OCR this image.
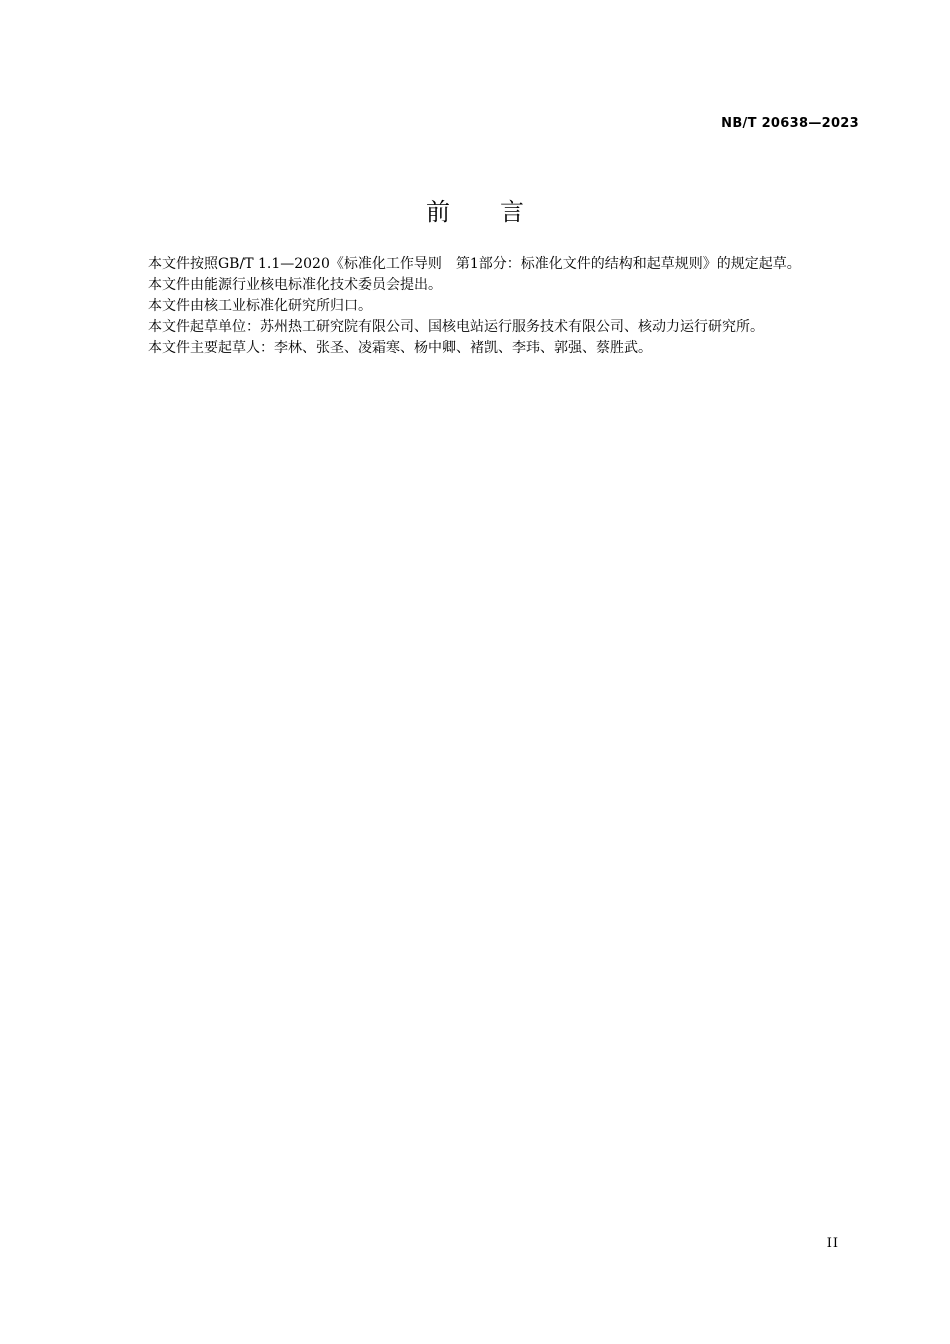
NB/T 20638—2023
前言

本文件按照GB/T 1.1—2020《标准化工作导则　第1部分：标准化文件的结构和起草规则》的规定起草。

本文件由能源行业核电标准化技术委员会提出。

本文件由核工业标准化研究所归口。

本文件起草单位：苏州热工研究院有限公司、国核电站运行服务技术有限公司、核动力运行研究所。

本文件主要起草人：李林、张圣、凌霜寒、杨中卿、褚凯、李玮、郭强、蔡胜武。

II
